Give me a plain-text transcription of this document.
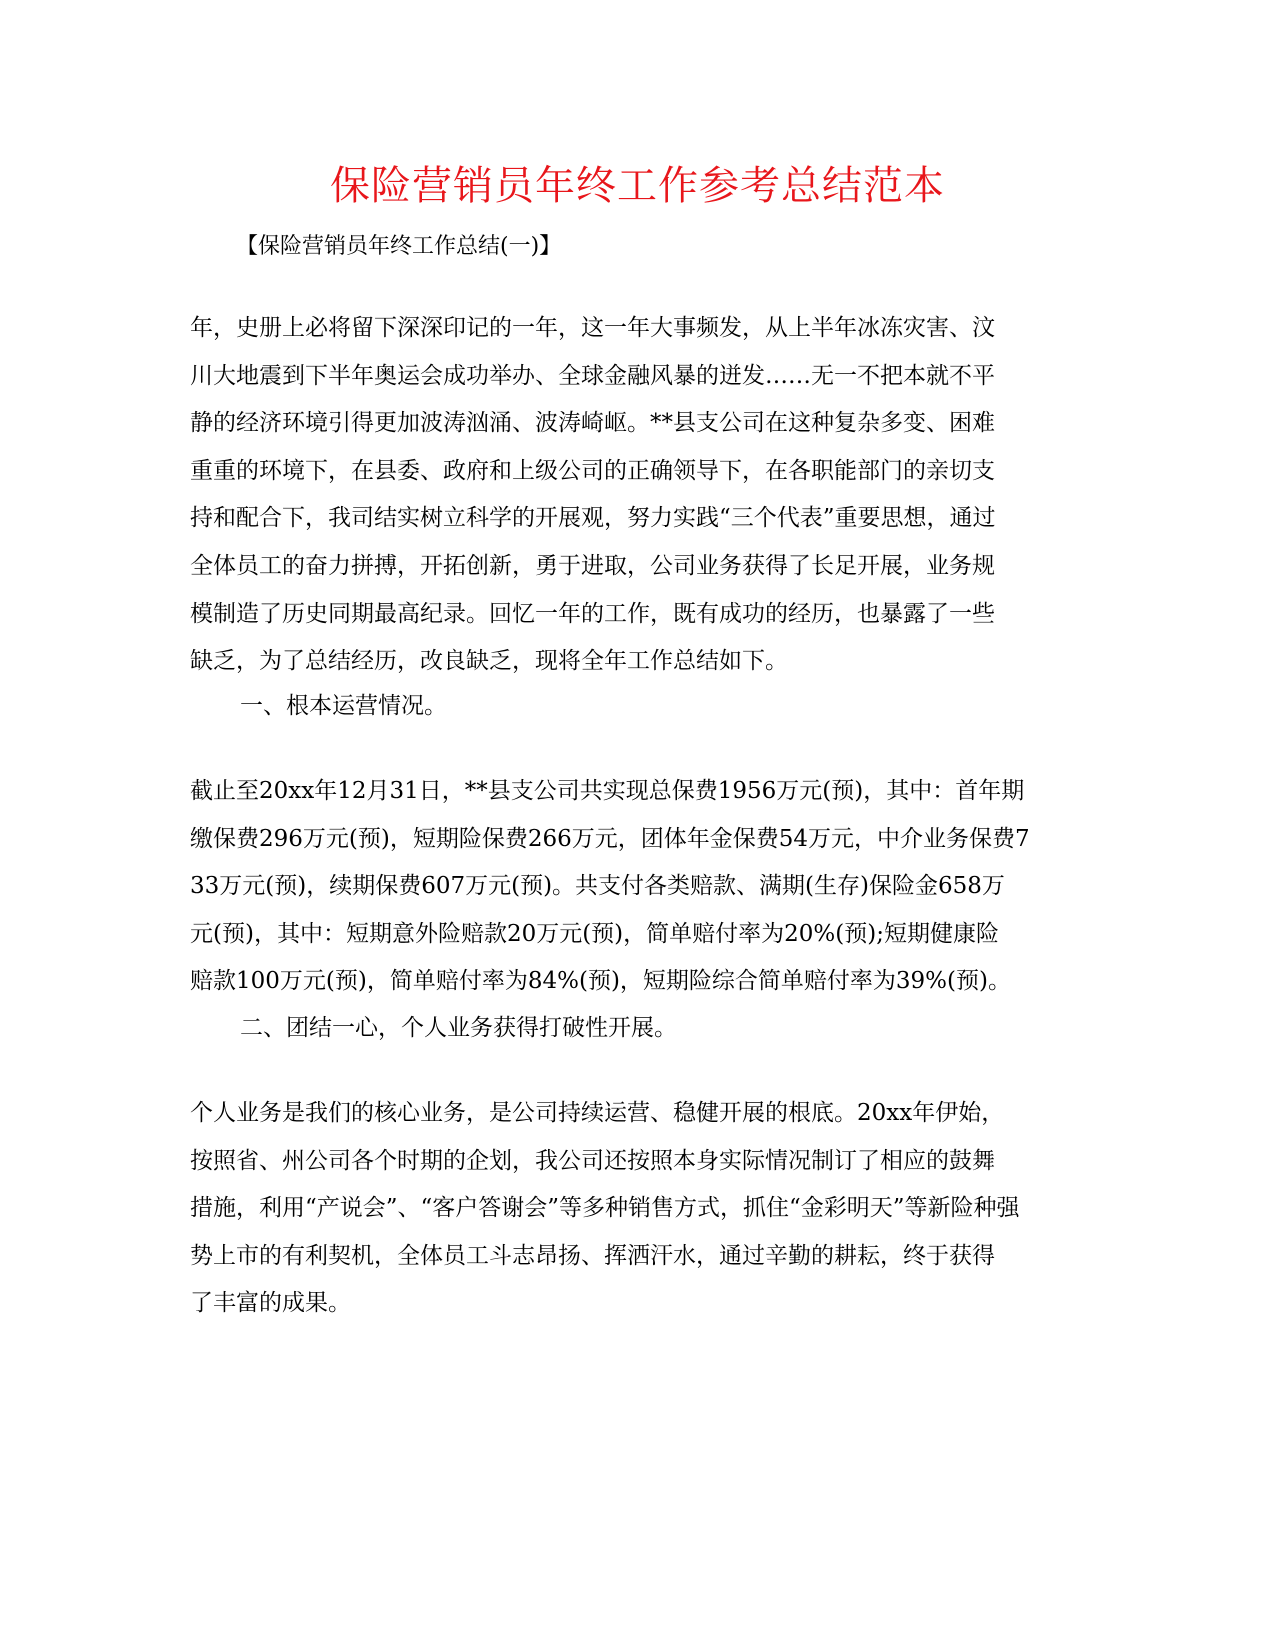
保险营销员年终工作参考总结范本
【保险营销员年终工作总结(一)】
年，史册上必将留下深深印记的一年，这一年大事频发，从上半年冰冻灾害、汶
川大地震到下半年奥运会成功举办、全球金融风暴的迸发……无一不把本就不平
静的经济环境引得更加波涛汹涌、波涛崎岖。**县支公司在这种复杂多变、困难
重重的环境下，在县委、政府和上级公司的正确领导下，在各职能部门的亲切支
持和配合下，我司结实树立科学的开展观，努力实践“三个代表”重要思想，通过
全体员工的奋力拼搏，开拓创新，勇于进取，公司业务获得了长足开展，业务规
模制造了历史同期最高纪录。回忆一年的工作，既有成功的经历，也暴露了一些
缺乏，为了总结经历，改良缺乏，现将全年工作总结如下。
一、根本运营情况。
截止至20xx年12月31日，**县支公司共实现总保费1956万元(预)，其中：首年期
缴保费296万元(预)，短期险保费266万元，团体年金保费54万元，中介业务保费7
33万元(预)，续期保费607万元(预)。共支付各类赔款、满期(生存)保险金658万
元(预)，其中：短期意外险赔款20万元(预)，简单赔付率为20%(预);短期健康险
赔款100万元(预)，简单赔付率为84%(预)，短期险综合简单赔付率为39%(预)。
二、团结一心，个人业务获得打破性开展。
个人业务是我们的核心业务，是公司持续运营、稳健开展的根底。20xx年伊始，
按照省、州公司各个时期的企划，我公司还按照本身实际情况制订了相应的鼓舞
措施，利用“产说会”、“客户答谢会”等多种销售方式，抓住“金彩明天”等新险种强
势上市的有利契机，全体员工斗志昂扬、挥洒汗水，通过辛勤的耕耘，终于获得
了丰富的成果。
